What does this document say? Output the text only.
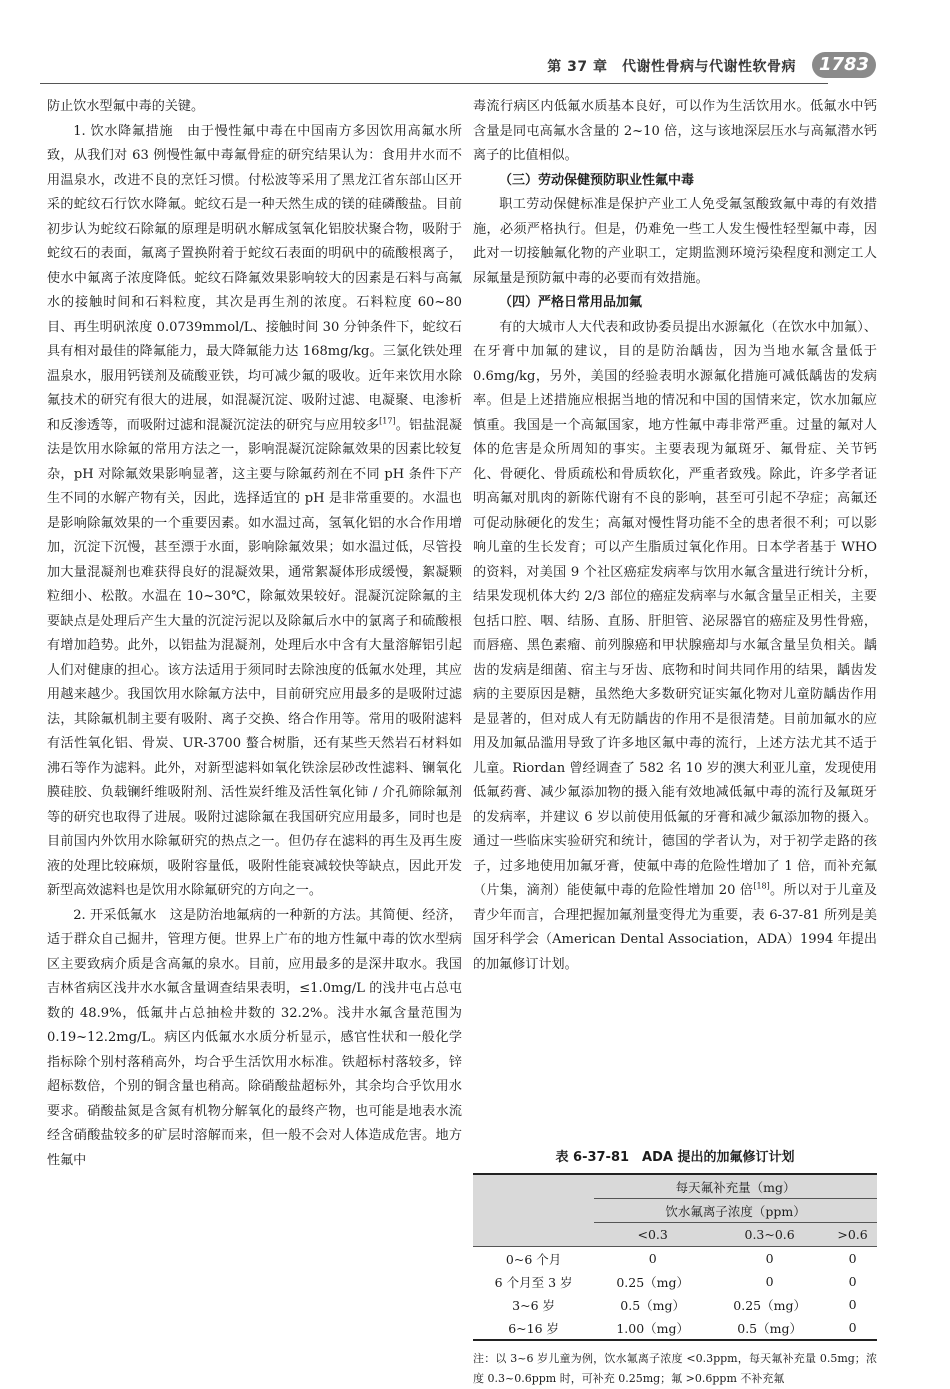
第 37 章　代谢性骨病与代谢性软骨病	1783

防止饮水型氟中毒的关键。

1. 饮水降氟措施　 由于慢性氟中毒在中国南方多因饮用高氟水所致，从我们对 63 例慢性氟中毒氟骨症的研究结果认为：食用井水而不用温泉水，改进不良的烹饪习惯。付松波等采用了黑龙江省东部山区开采的蛇纹石行饮水降氟。蛇纹石是一种天然生成的镁的硅磷酸盐。目前初步认为蛇纹石除氟的原理是明矾水解成氢氧化铝胶状聚合物，吸附于蛇纹石的表面，氟离子置换附着于蛇纹石表面的明矾中的硫酸根离子，使水中氟离子浓度降低。蛇纹石降氟效果影响较大的因素是石料与高氟水的接触时间和石料粒度，其次是再生剂的浓度。石料粒度 60~80 目、再生明矾浓度 0.0739mmol/L、接触时间 30 分钟条件下，蛇纹石具有相对最佳的降氟能力，最大降氟能力达 168mg/kg。三氯化铁处理温泉水，服用钙镁剂及硫酸亚铁，均可减少氟的吸收。近年来饮用水除氟技术的研究有很大的进展，如混凝沉淀、吸附过滤、电凝聚、电渗析和反渗透等，而吸附过滤和混凝沉淀法的研究与应用较多[17]。铝盐混凝法是饮用水除氟的常用方法之一，影响混凝沉淀除氟效果的因素比较复杂，pH 对除氟效果影响显著，这主要与除氟药剂在不同 pH 条件下产生不同的水解产物有关，因此，选择适宜的 pH 是非常重要的。水温也是影响除氟效果的一个重要因素。如水温过高，氢氧化铝的水合作用增加，沉淀下沉慢，甚至漂于水面，影响除氟效果；如水温过低，尽管投加大量混凝剂也难获得良好的混凝效果，通常絮凝体形成缓慢，絮凝颗粒细小、松散。水温在 10~30℃，除氟效果较好。混凝沉淀除氟的主要缺点是处理后产生大量的沉淀污泥以及除氟后水中的氯离子和硫酸根有增加趋势。此外，以铝盐为混凝剂，处理后水中含有大量溶解铝引起人们对健康的担心。该方法适用于须同时去除浊度的低氟水处理，其应用越来越少。我国饮用水除氟方法中，目前研究应用最多的是吸附过滤法，其除氟机制主要有吸附、离子交换、络合作用等。常用的吸附滤料有活性氧化铝、骨炭、UR-3700 螯合树脂，还有某些天然岩石材料如沸石等作为滤料。此外，对新型滤料如氧化铁涂层砂改性滤料、镧氧化膜硅胶、负载镧纤维吸附剂、活性炭纤维及活性氧化铈 / 介孔筛除氟剂等的研究也取得了进展。吸附过滤除氟在我国研究应用最多，同时也是目前国内外饮用水除氟研究的热点之一。但仍存在滤料的再生及再生废液的处理比较麻烦，吸附容量低，吸附性能衰减较快等缺点，因此开发新型高效滤料也是饮用水除氟研究的方向之一。

2. 开采低氟水　 这是防治地氟病的一种新的方法。其简便、经济，适于群众自己掘井，管理方便。世界上广布的地方性氟中毒的饮水型病区主要致病介质是含高氟的泉水。目前，应用最多的是深井取水。我国吉林省病区浅井水水氟含量调查结果表明，≤1.0mg/L 的浅井屯占总屯数的 48.9%，低氟井占总抽检井数的 32.2%。浅井水氟含量范围为 0.19~12.2mg/L。病区内低氟水水质分析显示，感官性状和一般化学指标除个别村落稍高外，均合乎生活饮用水标准。铁超标村落较多，锌超标数倍，个别的铜含量也稍高。除硝酸盐超标外，其余均合乎饮用水要求。硝酸盐氮是含氮有机物分解氧化的最终产物，也可能是地表水流经含硝酸盐较多的矿层时溶解而来，但一般不会对人体造成危害。地方性氟中

毒流行病区内低氟水质基本良好，可以作为生活饮用水。低氟水中钙含量是同屯高氟水含量的 2~10 倍，这与该地深层压水与高氟潜水钙离子的比值相似。

（三）劳动保健预防职业性氟中毒

职工劳动保健标准是保护产业工人免受氟氢酸致氟中毒的有效措施，必须严格执行。但是，仍难免一些工人发生慢性轻型氟中毒，因此对一切接触氟化物的产业职工，定期监测环境污染程度和测定工人尿氟量是预防氟中毒的必要而有效措施。

（四）严格日常用品加氟

有的大城市人大代表和政协委员提出水源氟化（在饮水中加氟）、在牙膏中加氟的建议，目的是防治龋齿，因为当地水氟含量低于 0.6mg/kg，另外，美国的经验表明水源氟化措施可减低龋齿的发病率。但是上述措施应根据当地的情况和中国的国情来定，饮水加氟应慎重。我国是一个高氟国家，地方性氟中毒非常严重。过量的氟对人体的危害是众所周知的事实。主要表现为氟斑牙、氟骨症、关节钙化、骨硬化、骨质疏松和骨质软化，严重者致残。除此，许多学者证明高氟对肌肉的新陈代谢有不良的影响，甚至可引起不孕症；高氟还可促动脉硬化的发生；高氟对慢性肾功能不全的患者很不利；可以影响儿童的生长发育；可以产生脂质过氧化作用。日本学者基于 WHO 的资料，对美国 9 个社区癌症发病率与饮用水氟含量进行统计分析，结果发现机体大约 2/3 部位的癌症发病率与水氟含量呈正相关，主要包括口腔、咽、结肠、直肠、肝胆管、泌尿器官的癌症及男性骨癌，而唇癌、黑色素瘤、前列腺癌和甲状腺癌却与水氟含量呈负相关。龋齿的发病是细菌、宿主与牙齿、底物和时间共同作用的结果，龋齿发病的主要原因是糖，虽然绝大多数研究证实氟化物对儿童防龋齿作用是显著的，但对成人有无防龋齿的作用不是很清楚。目前加氟水的应用及加氟品滥用导致了许多地区氟中毒的流行，上述方法尤其不适于儿童。Riordan 曾经调查了 582 名 10 岁的澳大利亚儿童，发现使用低氟药膏、减少氟添加物的摄入能有效地减低氟中毒的流行及氟斑牙的发病率，并建议 6 岁以前使用低氟的牙膏和减少氟添加物的摄入。通过一些临床实验研究和统计，德国的学者认为，对于初学走路的孩子，过多地使用加氟牙膏，使氟中毒的危险性增加了 1 倍，而补充氟（片集，滴剂）能使氟中毒的危险性增加 20 倍[18]。所以对于儿童及青少年而言，合理把握加氟剂量变得尤为重要，表 6-37-81 所列是美国牙科学会（American Dental Association，ADA）1994 年提出的加氟修订计划。

表 6-37-81　ADA 提出的加氟修订计划
	每天氟补充量（mg）		
	饮水氟离子浓度（ppm）		
	<0.3	0.3~0.6	>0.6
0~6 个月	0	0	0
6 个月至 3 岁	0.25（mg）	0	0
3~6 岁	0.5（mg）	0.25（mg）	0
6~16 岁	1.00（mg）	0.5（mg）	0
注：以 3~6 岁儿童为例，饮水氟离子浓度 <0.3ppm，每天氟补充量 0.5mg；浓度 0.3~0.6ppm 时，可补充 0.25mg；氟 >0.6ppm 不补充氟
